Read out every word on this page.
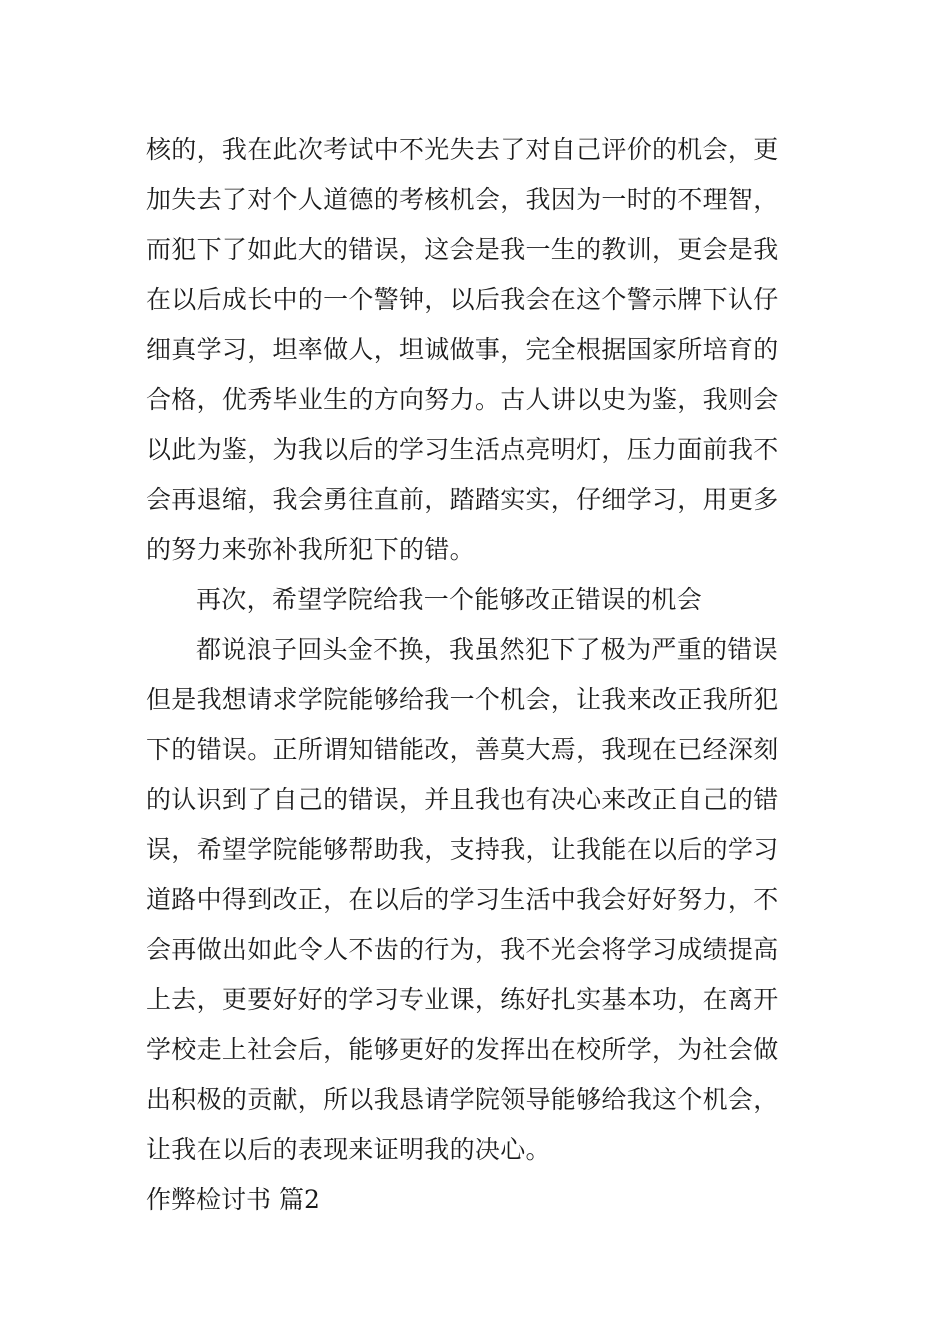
核的，我在此次考试中不光失去了对自己评价的机会，更
加失去了对个人道德的考核机会，我因为一时的不理智，
而犯下了如此大的错误，这会是我一生的教训，更会是我
在以后成长中的一个警钟，以后我会在这个警示牌下认仔
细真学习，坦率做人，坦诚做事，完全根据国家所培育的
合格，优秀毕业生的方向努力。古人讲以史为鉴，我则会
以此为鉴，为我以后的学习生活点亮明灯，压力面前我不
会再退缩，我会勇往直前，踏踏实实，仔细学习，用更多
的努力来弥补我所犯下的错。
再次，希望学院给我一个能够改正错误的机会
都说浪子回头金不换，我虽然犯下了极为严重的错误
但是我想请求学院能够给我一个机会，让我来改正我所犯
下的错误。正所谓知错能改，善莫大焉，我现在已经深刻
的认识到了自己的错误，并且我也有决心来改正自己的错
误，希望学院能够帮助我，支持我，让我能在以后的学习
道路中得到改正，在以后的学习生活中我会好好努力，不
会再做出如此令人不齿的行为，我不光会将学习成绩提高
上去，更要好好的学习专业课，练好扎实基本功，在离开
学校走上社会后，能够更好的发挥出在校所学，为社会做
出积极的贡献，所以我恳请学院领导能够给我这个机会，
让我在以后的表现来证明我的决心。
作弊检讨书 篇2
